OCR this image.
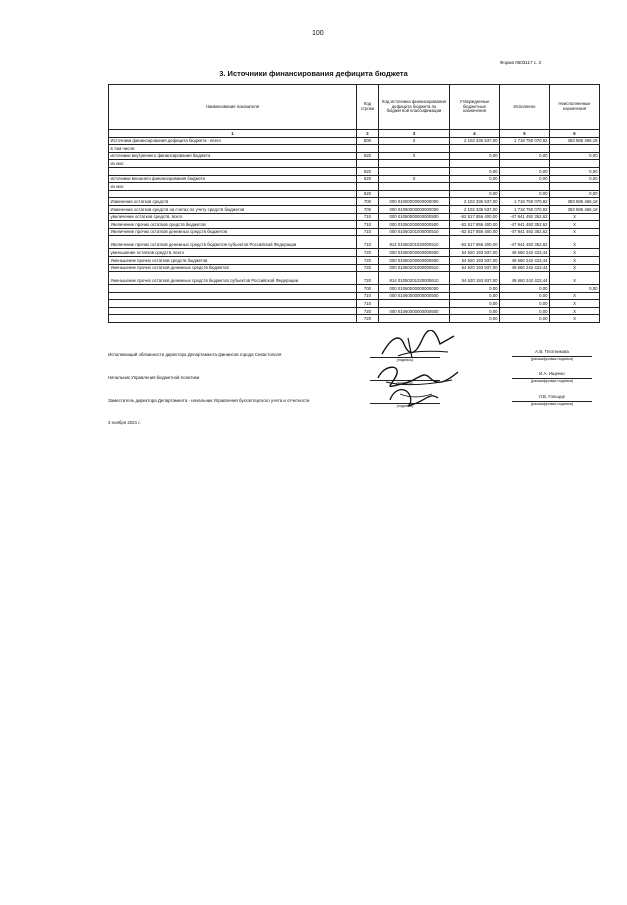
100
Форма 0503117 с. 3
3. Источники финансирования дефицита бюджета
Наименование показателя	Код строки	Код источника финансирования дефицита бюджета по бюджетной классификации	Утвержденные бюджетные назначения	Исполнено	Неисполненные назначения
1	2	3	4	5	6
Источники финансирования дефицита бюджета - всего	500	X	2 102 336 537,00	1 718 750 070,82	383 585 466,18
в том числе:					
источники внутреннего финансирования бюджета	520	X	0,00	0,00	0,00
из них:					
	520		0,00	0,00	0,00
источники внешнего финансирования бюджета	620	X	0,00	0,00	0,00
из них:					
	620		0,00	0,00	0,00
Изменение остатков средств	700	000 01000000000000000	2 102 336 537,00	1 718 750 070,82	383 585 466,18
Изменение остатков средств на счетах по учету средств бюджетов	700	000 01050000000000000	2 102 336 537,00	1 718 750 070,82	383 585 466,18
увеличение остатков средств, всего	710	000 01050000000000500	-52 517 856 400,00	-47 941 492 352,62	X
Увеличение прочих остатков средств бюджетов	710	000 01050200000000500	-52 517 856 400,00	-47 941 492 352,62	X
Увеличение прочих остатков денежных средств бюджетов	710	000 01050201000000510	-52 517 856 400,00	-47 941 492 352,62	X
Увеличение прочих остатков денежных средств бюджетов субъектов Российской Федерации	710	814 01050201020000510	-52 517 856 400,00	-47 941 492 352,62	X
уменьшение остатков средств, всего	720	000 01050000000000600	54 620 193 937,00	49 660 242 423,44	X
Уменьшение прочих остатков средств бюджетов	720	000 01050200000000600	54 620 193 937,00	49 660 242 423,44	X
Уменьшение прочих остатков денежных средств бюджетов	720	000 01050201000000610	54 620 193 937,00	49 660 242 423,44	X
Уменьшение прочих остатков денежных средств бюджетов субъектов Российской Федерации	720	814 01050201020000610	54 620 193 937,00	49 660 242 423,44	X
	700	000 01060000000000000	0,00	0,00	0,00
	710	000 01060000000000500	0,00	0,00	X
	710		0,00	0,00	X
	720	000 01060000000000600	0,00	0,00	X
	720		0,00	0,00	X
Исполняющий обязанности директора Департамента финансов города Севастополя
Начальник Управления бюджетной политики
Заместитель директора Департамента - начальник Управления бухгалтерского учета и отчетности
(подпись)
(подпись)
(подпись)
А.В. Плотникова
(расшифровка подписи)
И.А. Ищенко
(расшифровка подписи)
Л.В. Гольцце
(расшифровка подписи)
3 ноября 2021 г.
